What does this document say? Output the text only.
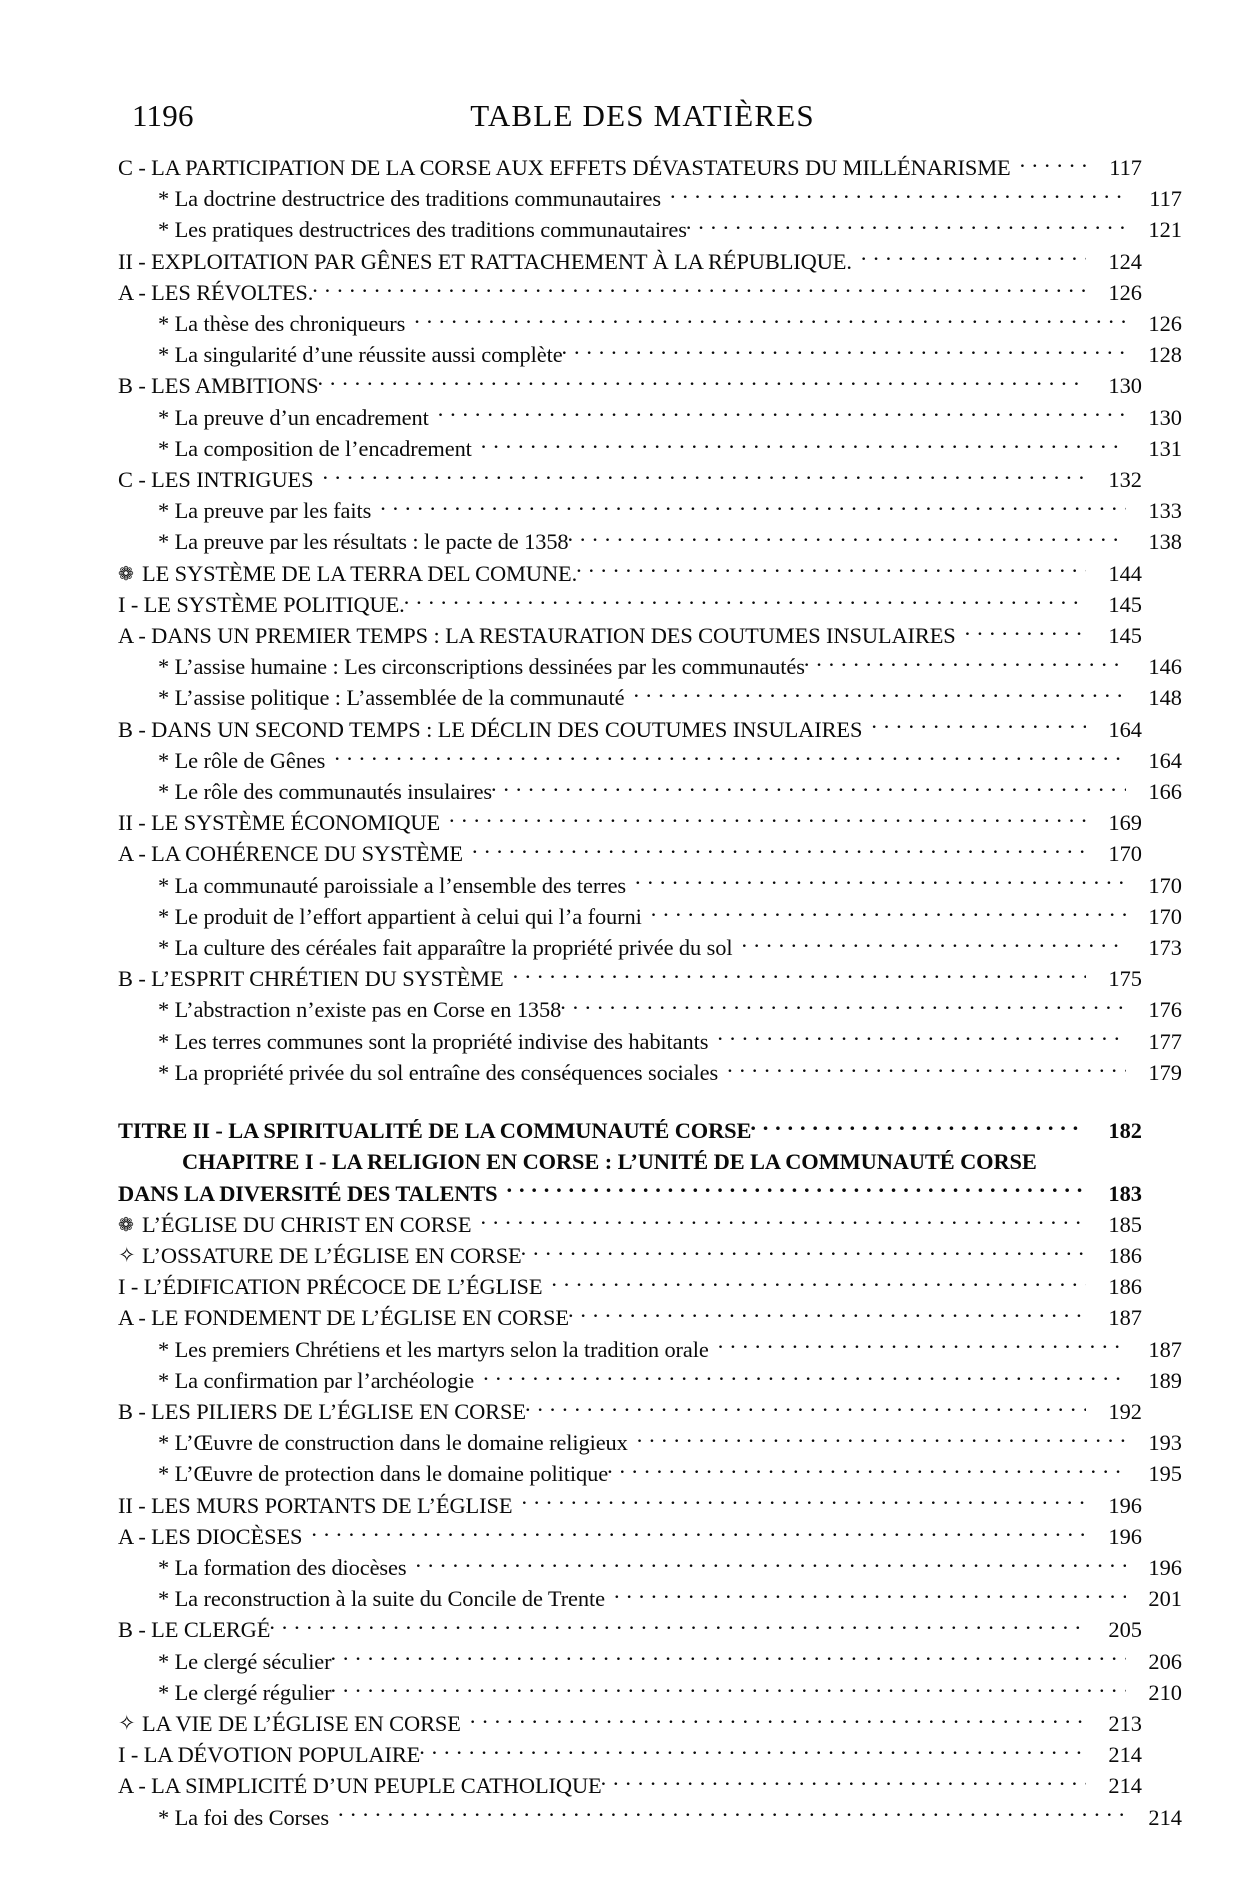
1196	TABLE DES MATIÈRES
C - LA PARTICIPATION DE LA CORSE AUX EFFETS DÉVASTATEURS DU MILLÉNARISME . . .	117
* La doctrine destructrice des traditions communautaires . . .	117
* Les pratiques destructrices des traditions communautaires . . .	121
II - EXPLOITATION PAR GÊNES ET RATTACHEMENT À LA RÉPUBLIQUE. . . .	124
A - LES RÉVOLTES. . . .	126
* La thèse des chroniqueurs . . .	126
* La singularité d’une réussite aussi complète . . .	128
B - LES AMBITIONS . . .	130
* La preuve d’un encadrement . . .	130
* La composition de l’encadrement . . .	131
C - LES INTRIGUES . . .	132
* La preuve par les faits . . .	133
* La preuve par les résultats : le pacte de 1358 . . .	138
❁ LE SYSTÈME DE LA TERRA DEL COMUNE. . . .	144
I - LE SYSTÈME POLITIQUE. . . .	145
A - DANS UN PREMIER TEMPS : LA RESTAURATION DES COUTUMES INSULAIRES . . .	145
* L’assise humaine : Les circonscriptions dessinées par les communautés . . .	146
* L’assise politique : L’assemblée de la communauté . . .	148
B - DANS UN SECOND TEMPS : LE DÉCLIN DES COUTUMES INSULAIRES . . .	164
* Le rôle de Gênes . . .	164
* Le rôle des communautés insulaires . . .	166
II - LE SYSTÈME ÉCONOMIQUE . . .	169
A - LA COHÉRENCE DU SYSTÈME . . .	170
* La communauté paroissiale a l’ensemble des terres . . .	170
* Le produit de l’effort appartient à celui qui l’a fourni . . .	170
* La culture des céréales fait apparaître la propriété privée du sol . . .	173
B - L’ESPRIT CHRÉTIEN DU SYSTÈME . . .	175
* L’abstraction n’existe pas en Corse en 1358 . . .	176
* Les terres communes sont la propriété indivise des habitants . . .	177
* La propriété privée du sol entraîne des conséquences sociales . . .	179
TITRE II - LA SPIRITUALITÉ DE LA COMMUNAUTÉ CORSE . . .	182
CHAPITRE I - LA RELIGION EN CORSE : L’UNITÉ DE LA COMMUNAUTÉ CORSE
DANS LA DIVERSITÉ DES TALENTS . . .	183
❁ L’ÉGLISE DU CHRIST EN CORSE . . .	185
✧ L’OSSATURE DE L’ÉGLISE EN CORSE . . .	186
I - L’ÉDIFICATION PRÉCOCE DE L’ÉGLISE . . .	186
A - LE FONDEMENT DE L’ÉGLISE EN CORSE . . .	187
* Les premiers Chrétiens et les martyrs selon la tradition orale . . .	187
* La confirmation par l’archéologie . . .	189
B - LES PILIERS DE L’ÉGLISE EN CORSE . . .	192
* L’Œuvre de construction dans le domaine religieux . . .	193
* L’Œuvre de protection dans le domaine politique . . .	195
II - LES MURS PORTANTS DE L’ÉGLISE . . .	196
A - LES DIOCÈSES . . .	196
* La formation des diocèses . . .	196
* La reconstruction à la suite du Concile de Trente . . .	201
B - LE CLERGÉ . . .	205
* Le clergé séculier . . .	206
* Le clergé régulier . . .	210
✧ LA VIE DE L’ÉGLISE EN CORSE . . .	213
I - LA DÉVOTION POPULAIRE . . .	214
A - LA SIMPLICITÉ D’UN PEUPLE CATHOLIQUE . . .	214
* La foi des Corses . . .	214
